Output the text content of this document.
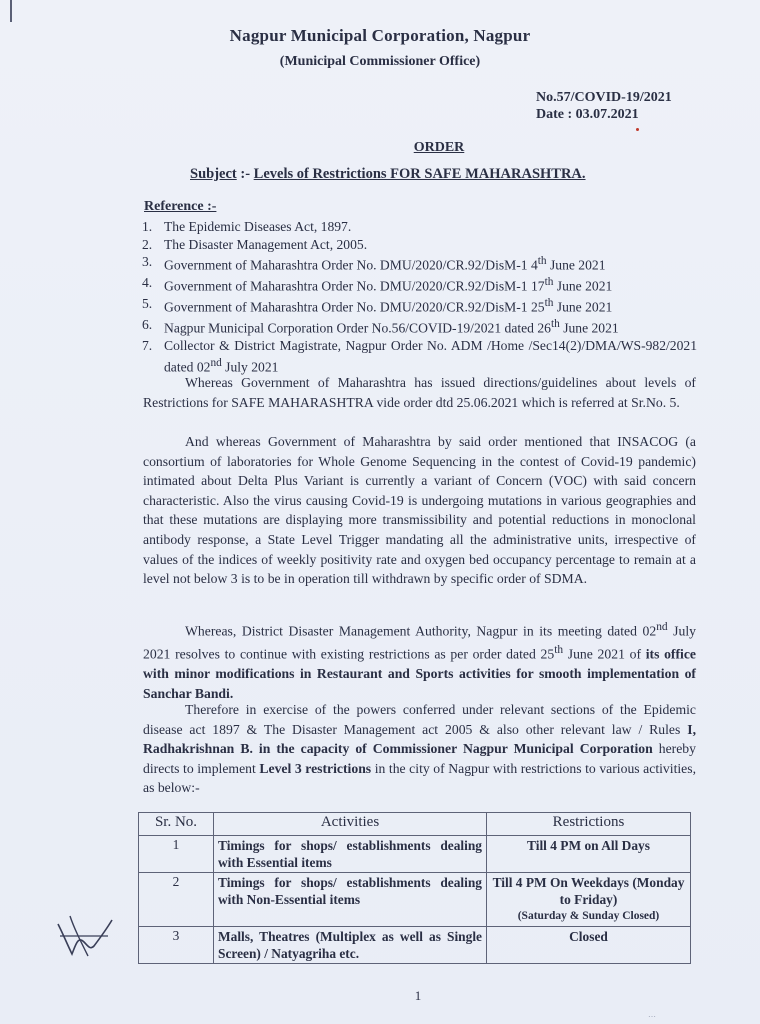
Nagpur Municipal Corporation, Nagpur
(Municipal Commissioner Office)
No.57/COVID-19/2021
Date : 03.07.2021
ORDER
Subject :- Levels of Restrictions FOR SAFE MAHARASHTRA.
Reference :-
1. The Epidemic Diseases Act, 1897.
2. The Disaster Management Act, 2005.
3. Government of Maharashtra Order No. DMU/2020/CR.92/DisM-1 4th June 2021
4. Government of Maharashtra Order No. DMU/2020/CR.92/DisM-1 17th June 2021
5. Government of Maharashtra Order No. DMU/2020/CR.92/DisM-1 25th June 2021
6. Nagpur Municipal Corporation Order No.56/COVID-19/2021 dated 26th June 2021
7. Collector & District Magistrate, Nagpur Order No. ADM /Home /Sec14(2)/DMA/WS-982/2021 dated 02nd July 2021

Whereas Government of Maharashtra has issued directions/guidelines about levels of Restrictions for SAFE MAHARASHTRA vide order dtd 25.06.2021 which is referred at Sr.No. 5.

And whereas Government of Maharashtra by said order mentioned that INSACOG (a consortium of laboratories for Whole Genome Sequencing in the contest of Covid-19 pandemic) intimated about Delta Plus Variant is currently a variant of Concern (VOC) with said concern characteristic. Also the virus causing Covid-19 is undergoing mutations in various geographies and that these mutations are displaying more transmissibility and potential reductions in monoclonal antibody response, a State Level Trigger mandating all the administrative units, irrespective of values of the indices of weekly positivity rate and oxygen bed occupancy percentage to remain at a level not below 3 is to be in operation till withdrawn by specific order of SDMA.

Whereas, District Disaster Management Authority, Nagpur in its meeting dated 02nd July 2021 resolves to continue with existing restrictions as per order dated 25th June 2021 of its office with minor modifications in Restaurant and Sports activities for smooth implementation of Sanchar Bandi.

Therefore in exercise of the powers conferred under relevant sections of the Epidemic disease act 1897 & The Disaster Management act 2005 & also other relevant law / Rules I, Radhakrishnan B. in the capacity of Commissioner Nagpur Municipal Corporation hereby directs to implement Level 3 restrictions in the city of Nagpur with restrictions to various activities, as below:-

Sr. No.	Activities	Restrictions
1	Timings for shops/ establishments dealing with Essential items	Till 4 PM on All Days

2	Timings for shops/ establishments dealing with Non-Essential items	Till 4 PM On Weekdays (Monday to Friday)
(Saturday & Sunday Closed)

3	Malls, Theatres (Multiplex as well as Single Screen) / Natyagriha etc.	Closed
1
…
